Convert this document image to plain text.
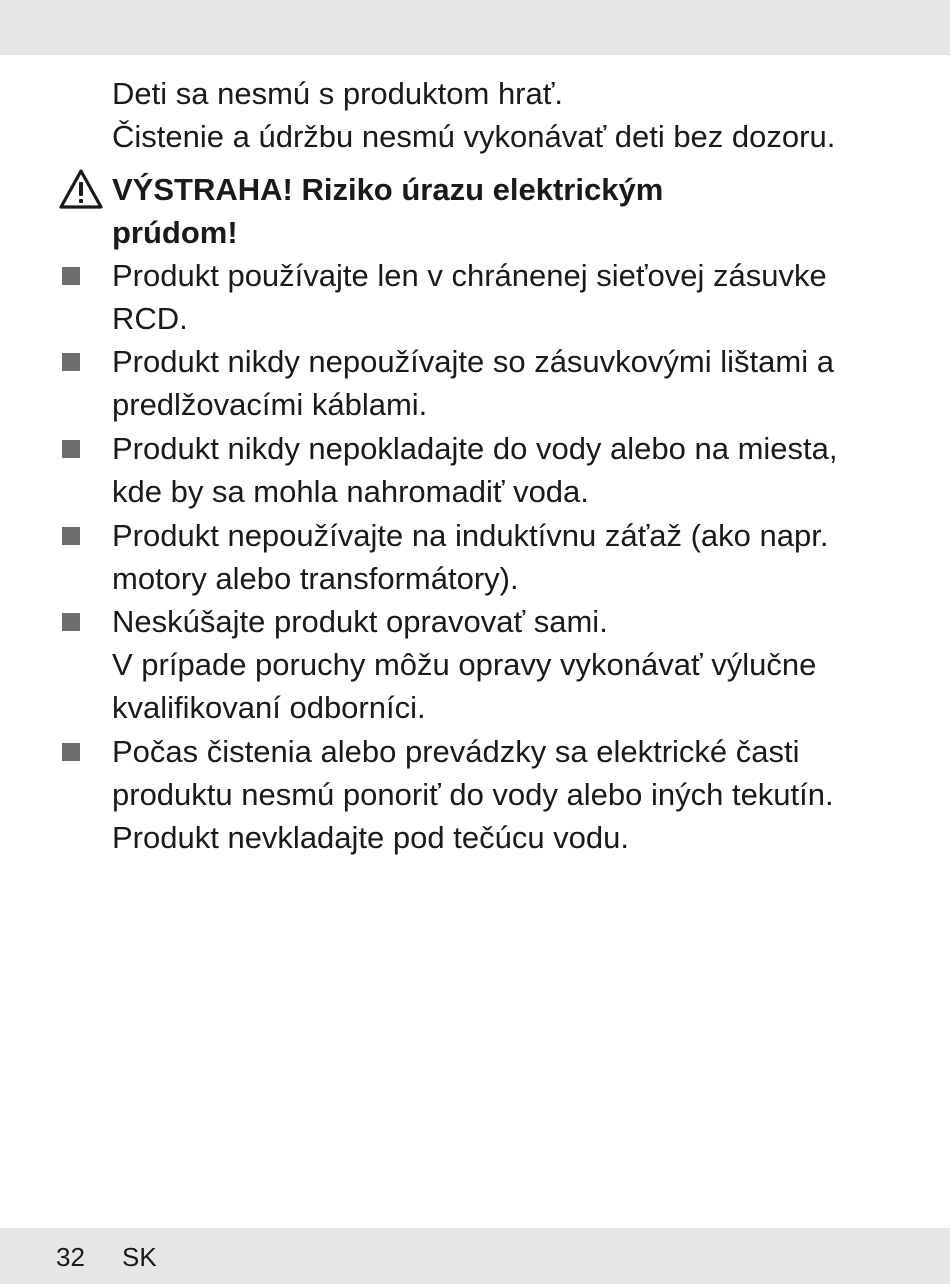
Deti sa nesmú s produktom hrať.
Čistenie a údržbu nesmú vykonávať deti bez dozoru.
VÝSTRAHA! Riziko úrazu elektrickým
prúdom!
Produkt používajte len v chránenej sieťovej zásuvke
RCD.
Produkt nikdy nepoužívajte so zásuvkovými lištami a
predlžovacími káblami.
Produkt nikdy nepokladajte do vody alebo na miesta,
kde by sa mohla nahromadiť voda.
Produkt nepoužívajte na induktívnu záťaž (ako napr.
motory alebo transformátory).
Neskúšajte produkt opravovať sami.
V prípade poruchy môžu opravy vykonávať výlučne
kvalifikovaní odborníci.
Počas čistenia alebo prevádzky sa elektrické časti
produktu nesmú ponoriť do vody alebo iných tekutín.
Produkt nevkladajte pod tečúcu vodu.
32 SK
